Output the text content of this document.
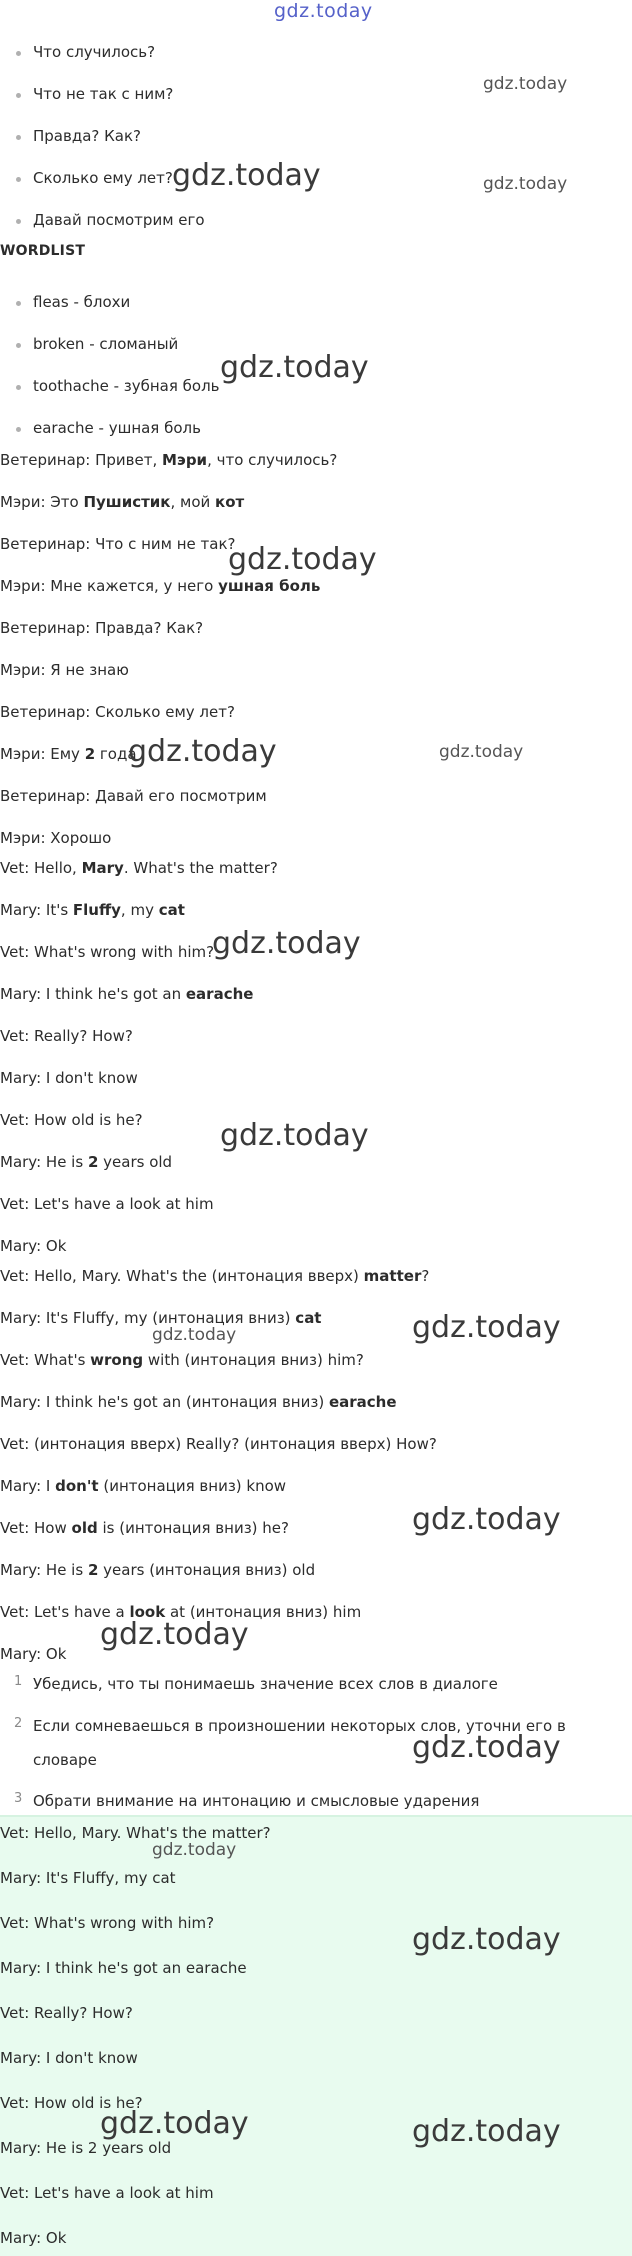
gdz.today
Что случилось?
Что не так с ним?
Правда? Как?
Сколько ему лет?
Давай посмотрим его
WORDLIST
fleas - блохи
broken - сломаный
toothache - зубная боль
earache - ушная боль
Ветеринар: Привет, Мэри, что случилось?
Мэри: Это Пушистик, мой кот
Ветеринар: Что с ним не так?
Мэри: Мне кажется, у него ушная боль
Ветеринар: Правда? Как?
Мэри: Я не знаю
Ветеринар: Сколько ему лет?
Мэри: Ему 2 года
Ветеринар: Давай его посмотрим
Мэри: Хорошо
Vet: Hello, Mary. What's the matter?
Mary: It's Fluffy, my cat
Vet: What's wrong with him?
Mary: I think he's got an earache
Vet: Really? How?
Mary: I don't know
Vet: How old is he?
Mary: He is 2 years old
Vet: Let's have a look at him
Mary: Ok
Vet: Hello, Mary. What's the (интонация вверх) matter?
Mary: It's Fluffy, my (интонация вниз) cat
Vet: What's wrong with (интонация вниз) him?
Mary: I think he's got an (интонация вниз) earache
Vet: (интонация вверх) Really? (интонация вверх) How?
Mary: I don't (интонация вниз) know
Vet: How old is (интонация вниз) he?
Mary: He is 2 years (интонация вниз) old
Vet: Let's have a look at (интонация вниз) him
Mary: Ok
1 Убедись, что ты понимаешь значение всех слов в диалоге
2 Если сомневаешься в произношении некоторых слов, уточни его в
словаре
3 Обрати внимание на интонацию и смысловые ударения
Vet: Hello, Mary. What's the matter?
Mary: It's Fluffy, my cat
Vet: What's wrong with him?
Mary: I think he's got an earache
Vet: Really? How?
Mary: I don't know
Vet: How old is he?
Mary: He is 2 years old
Vet: Let's have a look at him
Mary: Ok
gdz.today
gdz.today	gdz.today
gdz.today
gdz.today
gdz.today	gdz.today
gdz.today
gdz.today
gdz.today
gdz.today
gdz.today
gdz.today
gdz.today
gdz.today
gdz.today
gdz.today	gdz.today
